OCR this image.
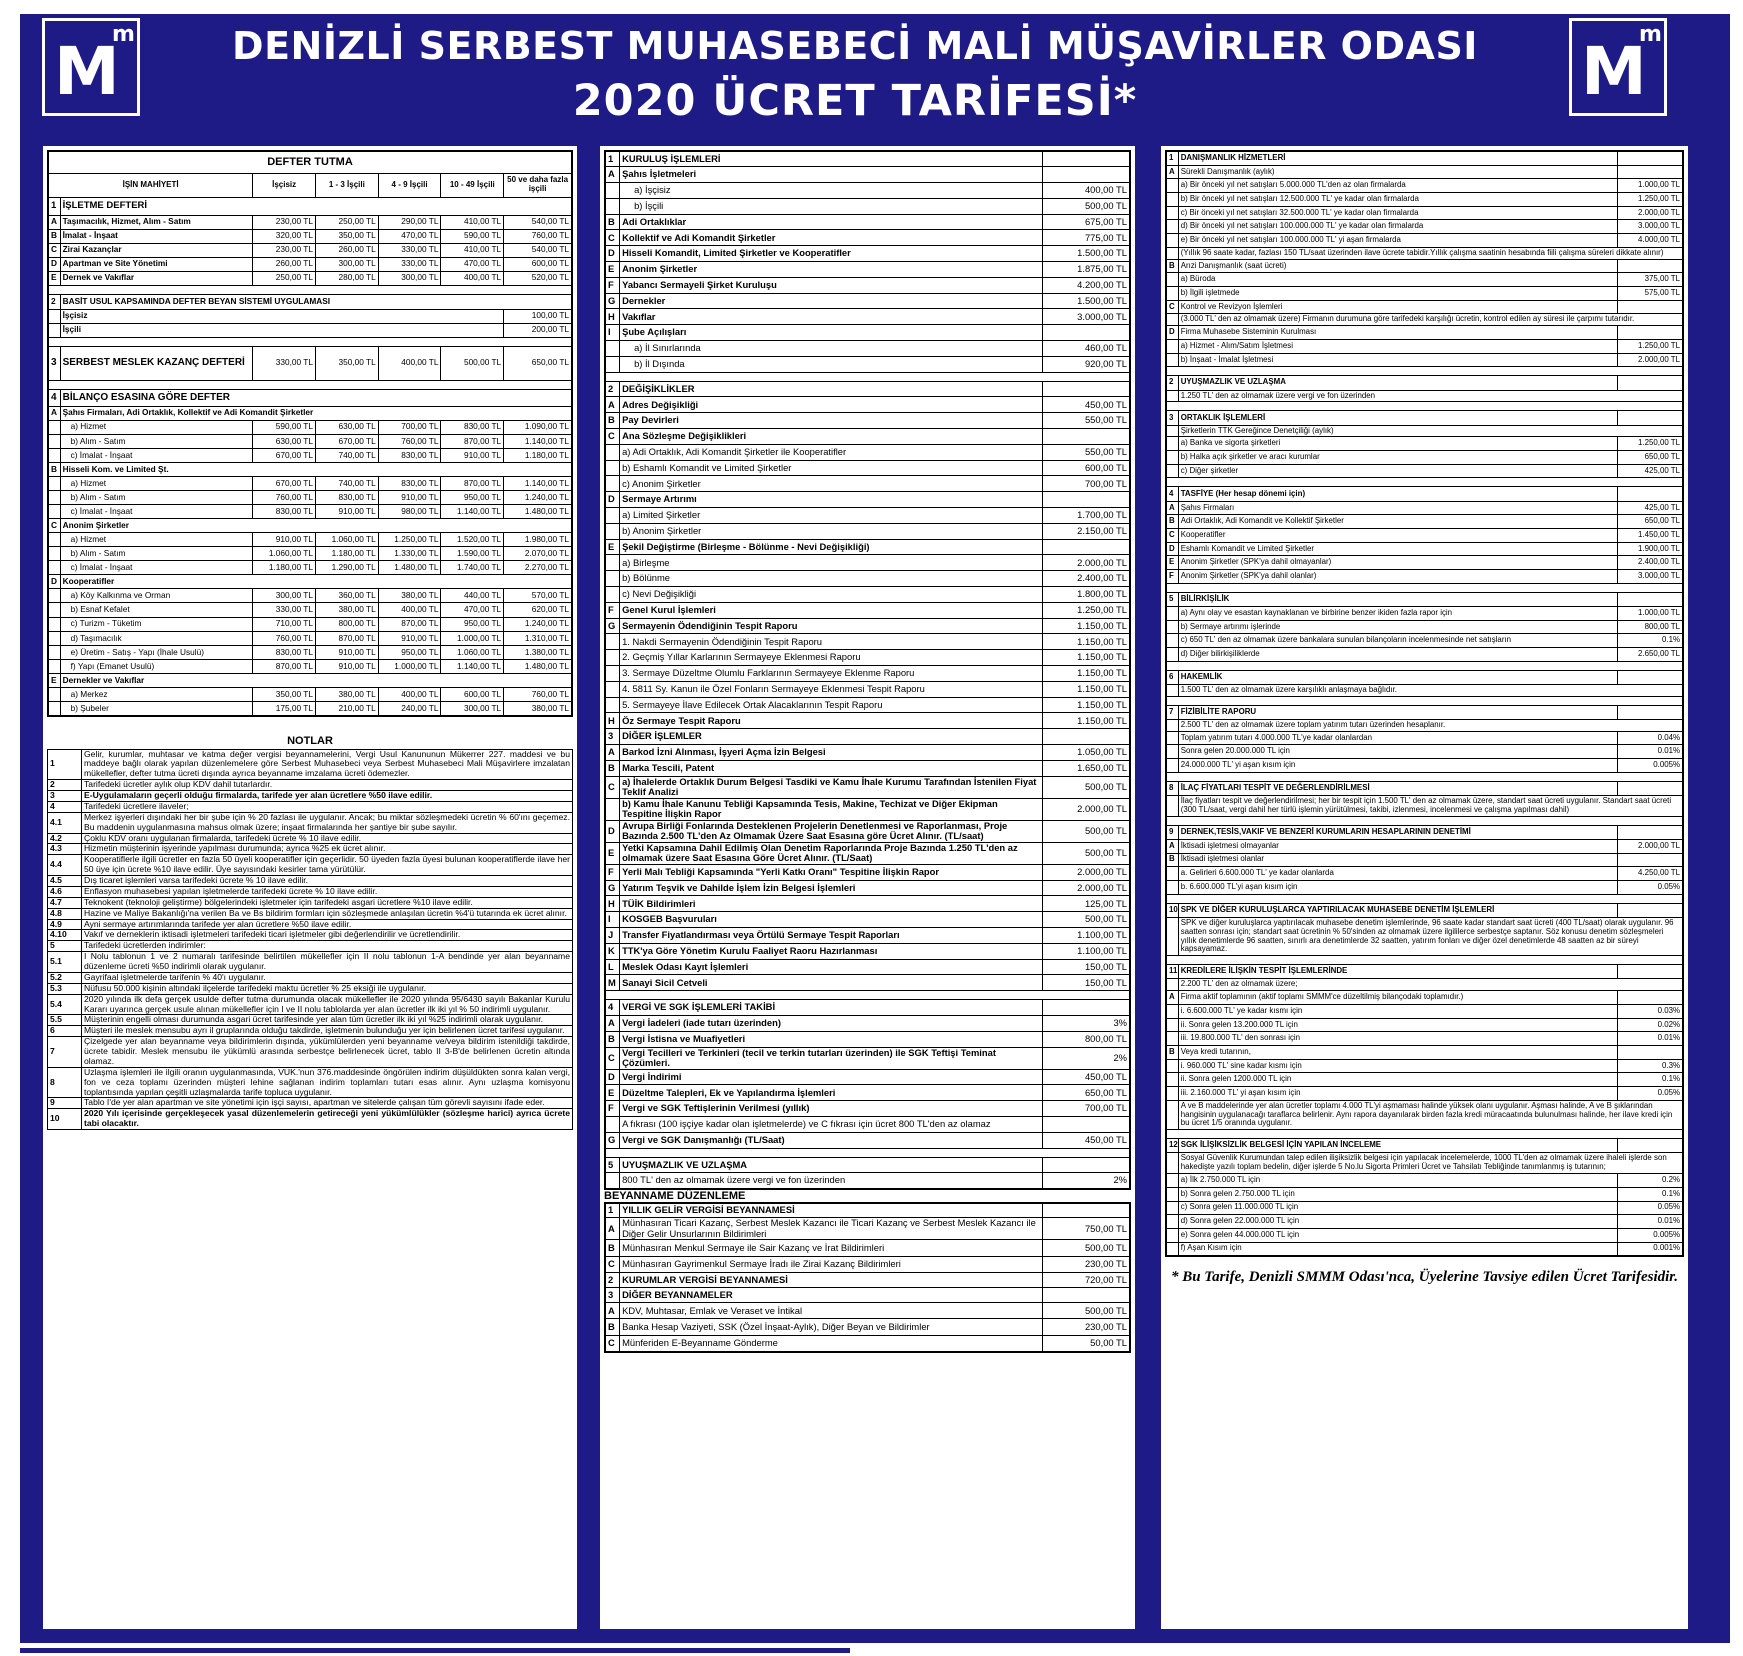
M
m	M
m
DENİZLİ SERBEST MUHASEBECİ MALİ MÜŞAVİRLER ODASI
2020 ÜCRET TARİFESİ*
DEFTER TUTMA						
İŞİN MAHİYETİ		İşçisiz	1 - 3 İşçili	4 - 9 İşçili	10 - 49 İşçili	50 ve daha fazla işçili
1	İŞLETME DEFTERİ					
A	Taşımacılık, Hizmet, Alım - Satım	230,00 TL	250,00 TL	290,00 TL	410,00 TL	540,00 TL
B	İmalat - İnşaat	320,00 TL	350,00 TL	470,00 TL	590,00 TL	760,00 TL
C	Zirai Kazançlar	230,00 TL	260,00 TL	330,00 TL	410,00 TL	540,00 TL
D	Apartman ve Site Yönetimi	260,00 TL	300,00 TL	330,00 TL	470,00 TL	600,00 TL
E	Dernek ve Vakıflar	250,00 TL	280,00 TL	300,00 TL	400,00 TL	520,00 TL

2	BASİT USUL KAPSAMINDA DEFTER BEYAN SİSTEMİ UYGULAMASI					
	İşçisiz					100,00 TL
	İşçili					200,00 TL

3	SERBEST MESLEK KAZANÇ DEFTERİ	330,00 TL	350,00 TL	400,00 TL	500,00 TL	650,00 TL

4	BİLANÇO ESASINA GÖRE DEFTER					
A	Şahıs Firmaları, Adi Ortaklık, Kollektif ve Adi Komandit Şirketler					
	a) Hizmet	590,00 TL	630,00 TL	700,00 TL	830,00 TL	1.090,00 TL
	b) Alım - Satım	630,00 TL	670,00 TL	760,00 TL	870,00 TL	1.140,00 TL
	c) İmalat - İnşaat	670,00 TL	740,00 TL	830,00 TL	910,00 TL	1.180,00 TL
B	Hisseli Kom. ve Limited Şt.					
	a) Hizmet	670,00 TL	740,00 TL	830,00 TL	870,00 TL	1.140,00 TL
	b) Alım - Satım	760,00 TL	830,00 TL	910,00 TL	950,00 TL	1.240,00 TL
	c) İmalat - İnşaat	830,00 TL	910,00 TL	980,00 TL	1.140,00 TL	1.480,00 TL
C	Anonim Şirketler					
	a) Hizmet	910,00 TL	1.060,00 TL	1.250,00 TL	1.520,00 TL	1.980,00 TL
	b) Alım - Satım	1.060,00 TL	1.180,00 TL	1.330,00 TL	1.590,00 TL	2.070,00 TL
	c) İmalat - İnşaat	1.180,00 TL	1.290,00 TL	1.480,00 TL	1.740,00 TL	2.270,00 TL
D	Kooperatifler					
	a) Köy Kalkınma ve Orman	300,00 TL	360,00 TL	380,00 TL	440,00 TL	570,00 TL
	b) Esnaf Kefalet	330,00 TL	380,00 TL	400,00 TL	470,00 TL	620,00 TL
	c) Turizm - Tüketim	710,00 TL	800,00 TL	870,00 TL	950,00 TL	1.240,00 TL
	d) Taşımacılık	760,00 TL	870,00 TL	910,00 TL	1.000,00 TL	1.310,00 TL
	e) Üretim - Satış - Yapı (İhale Usulü)	830,00 TL	910,00 TL	950,00 TL	1.060,00 TL	1.380,00 TL
	f) Yapı (Emanet Usulü)	870,00 TL	910,00 TL	1.000,00 TL	1.140,00 TL	1.480,00 TL
E	Dernekler ve Vakıflar					
	a) Merkez	350,00 TL	380,00 TL	400,00 TL	600,00 TL	760,00 TL
	b) Şubeler	175,00 TL	210,00 TL	240,00 TL	300,00 TL	380,00 TL
NOTLAR
1	Gelir, kurumlar, muhtasar ve katma değer vergisi beyannamelerini, Vergi Usul Kanununun Mükerrer 227. maddesi ve bu maddeye bağlı olarak yapılan düzenlemelere göre Serbest Muhasebeci veya Serbest Muhasebeci Mali Müşavirlere imzalatan mükellefler, defter tutma ücreti dışında ayrıca beyanname imzalama ücreti ödemezler.
2	Tarifedeki ücretler aylık olup KDV dahil tutarlardır.
3	E-Uygulamaların geçerli olduğu firmalarda, tarifede yer alan ücretlere %50 ilave edilir.
4	Tarifedeki ücretlere ilaveler;
4.1	Merkez işyerleri dışındaki her bir şube için % 20 fazlası ile uygulanır. Ancak; bu miktar sözleşmedeki ücretin % 60'ını geçemez. Bu maddenin uygulanmasına mahsus olmak üzere; inşaat firmalarında her şantiye bir şube sayılır.
4.2	Çoklu KDV oranı uygulanan firmalarda, tarifedeki ücrete % 10 ilave edilir.
4.3	Hizmetin müşterinin işyerinde yapılması durumunda; ayrıca %25 ek ücret alınır.
4.4	Kooperatiflerle ilgili ücretler en fazla 50 üyeli kooperatifler için geçerlidir. 50 üyeden fazla üyesi bulunan kooperatiflerde ilave her 50 üye için ücrete %10 ilave edilir. Üye sayısındaki kesirler tama yürütülür.
4.5	Dış ticaret işlemleri varsa tarifedeki ücrete % 10 ilave edilir.
4.6	Enflasyon muhasebesi yapılan işletmelerde tarifedeki ücrete % 10 ilave edilir.
4.7	Teknokent (teknoloji geliştirme) bölgelerindeki işletmeler için tarifedeki asgari ücretlere %10 ilave edilir.
4.8	Hazine ve Maliye Bakanlığı'na verilen Ba ve Bs bildirim formları için sözleşmede anlaşılan ücretin %4'ü tutarında ek ücret alınır.
4.9	Ayni sermaye artırımlarında tarifede yer alan ücretlere %50 ilave edilir.
4.10	Vakıf ve derneklerin iktisadi işletmeleri tarifedeki ticari işletmeler gibi değerlendirilir ve ücretlendirilir.
5	Tarifedeki ücretlerden indirimler:
5.1	I Nolu tablonun 1 ve 2 numaralı tarifesinde belirtilen mükellefler için II nolu tablonun 1-A bendinde yer alan beyanname düzenleme ücreti %50 indirimli olarak uygulanır.
5.2	Gayrifaal işletmelerde tarifenin % 40'ı uygulanır.
5.3	Nüfusu 50.000 kişinin altındaki ilçelerde tarifedeki maktu ücretler % 25 eksiği ile uygulanır.
5.4	2020 yılında ilk defa gerçek usulde defter tutma durumunda olacak mükellefler ile 2020 yılında 95/6430 sayılı Bakanlar Kurulu Kararı uyarınca gerçek usule alınan mükellefler için I ve II nolu tablolarda yer alan ücretler ilk iki yıl % 50 indirimli uygulanır.
5.5	Müşterinin engelli olması durumunda asgari ücret tarifesinde yer alan tüm ücretler ilk iki yıl %25 indirimli olarak uygulanır.
6	Müşteri ile meslek mensubu ayrı il gruplarında olduğu takdirde, işletmenin bulunduğu yer için belirlenen ücret tarifesi uygulanır.
7	Çizelgede yer alan beyanname veya bildirimlerin dışında, yükümlülerden yeni beyanname ve/veya bildirim istenildiği takdirde, ücrete tabidir. Meslek mensubu ile yükümlü arasında serbestçe belirlenecek ücret, tablo II 3-B'de belirlenen ücretin altında olamaz.
8	Uzlaşma işlemleri ile ilgili oranın uygulanmasında, VUK.'nun 376.maddesinde öngörülen indirim düşüldükten sonra kalan vergi, fon ve ceza toplamı üzerinden müşteri lehine sağlanan indirim toplamları tutarı esas alınır. Aynı uzlaşma komisyonu toplantısında yapılan çeşitli uzlaşmalarda tarife topluca uygulanır.
9	Tablo I'de yer alan apartman ve site yönetimi için işçi sayısı, apartman ve sitelerde çalışan tüm görevli sayısını ifade eder.
10	2020 Yılı içerisinde gerçekleşecek yasal düzenlemelerin getireceği yeni yükümlülükler (sözleşme harici) ayrıca ücrete tabi olacaktır.
1	KURULUŞ İŞLEMLERİ	
A	Şahıs İşletmeleri	
	a) İşçisiz	400,00 TL
	b) İşçili	500,00 TL
B	Adi Ortaklıklar	675,00 TL
C	Kollektif ve Adi Komandit Şirketler	775,00 TL
D	Hisseli Komandit, Limited Şirketler ve Kooperatifler	1.500,00 TL
E	Anonim Şirketler	1.875,00 TL
F	Yabancı Sermayeli Şirket Kuruluşu	4.200,00 TL
G	Dernekler	1.500,00 TL
H	Vakıflar	3.000,00 TL
I	Şube Açılışları	
	a) İl Sınırlarında	460,00 TL
	b) İl Dışında	920,00 TL

2	DEĞİŞİKLİKLER	
A	Adres Değişikliği	450,00 TL
B	Pay Devirleri	550,00 TL
C	Ana Sözleşme Değişiklikleri	
	a) Adi Ortaklık, Adi Komandit Şirketler ile Kooperatifler	550,00 TL
	b) Eshamlı Komandit ve Limited Şirketler	600,00 TL
	c) Anonim Şirketler	700,00 TL
D	Sermaye Artırımı	
	a) Limited Şirketler	1.700,00 TL
	b) Anonim Şirketler	2.150,00 TL
E	Şekil Değiştirme (Birleşme - Bölünme - Nevi Değişikliği)	
	a) Birleşme	2.000,00 TL
	b) Bölünme	2.400,00 TL
	c) Nevi Değişikliği	1.800,00 TL
F	Genel Kurul İşlemleri	1.250,00 TL
G	Sermayenin Ödendiğinin Tespit Raporu	1.150,00 TL
	1. Nakdi Sermayenin Ödendiğinin Tespit Raporu	1.150,00 TL
	2. Geçmiş Yıllar Karlarının Sermayeye Eklenmesi Raporu	1.150,00 TL
	3. Sermaye Düzeltme Olumlu Farklarının Sermayeye Eklenme Raporu	1.150,00 TL
	4. 5811 Sy. Kanun ile Özel Fonların Sermayeye Eklenmesi Tespit Raporu	1.150,00 TL
	5. Sermayeye İlave Edilecek Ortak Alacaklarının Tespit Raporu	1.150,00 TL
H	Öz Sermaye Tespit Raporu	1.150,00 TL
3	DİĞER İŞLEMLER	
A	Barkod İzni Alınması, İşyeri Açma İzin Belgesi	1.050,00 TL
B	Marka Tescili, Patent	1.650,00 TL
C	a) İhalelerde Ortaklık Durum Belgesi Tasdiki ve Kamu İhale Kurumu Tarafından İstenilen Fiyat Teklif Analizi	500,00 TL
	b) Kamu İhale Kanunu Tebliği Kapsamında Tesis, Makine, Techizat ve Diğer Ekipman Tespitine İlişkin Rapor	2.000,00 TL
D	Avrupa Birliği Fonlarında Desteklenen Projelerin Denetlenmesi ve Raporlanması, Proje Bazında 2.500 TL'den Az Olmamak Üzere Saat Esasına göre Ücret Alınır. (TL/saat)	500,00 TL
E	Yetki Kapsamına Dahil Edilmiş Olan Denetim Raporlarında Proje Bazında 1.250 TL'den az olmamak üzere Saat Esasına Göre Ücret Alınır. (TL/Saat)	500,00 TL
F	Yerli Malı Tebliği Kapsamında "Yerli Katkı Oranı" Tespitine İlişkin Rapor	2.000,00 TL
G	Yatırım Teşvik ve Dahilde İşlem İzin Belgesi İşlemleri	2.000,00 TL
H	TÜİK Bildirimleri	125,00 TL
I	KOSGEB Başvuruları	500,00 TL
J	Transfer Fiyatlandırması veya Örtülü Sermaye Tespit Raporları	1.100,00 TL
K	TTK'ya Göre Yönetim Kurulu Faaliyet Raoru Hazırlanması	1.100,00 TL
L	Meslek Odası Kayıt İşlemleri	150,00 TL
M	Sanayi Sicil Cetveli	150,00 TL

4	VERGİ VE SGK İŞLEMLERİ TAKİBİ	
A	Vergi İadeleri (iade tutarı üzerinden)	3%
B	Vergi İstisna ve Muafiyetleri	800,00 TL
C	Vergi Tecilleri ve Terkinleri (tecil ve terkin tutarları üzerinden) ile SGK Teftişi Teminat Çözümleri.	2%
D	Vergi İndirimi	450,00 TL
E	Düzeltme Talepleri, Ek ve Yapılandırma İşlemleri	650,00 TL
F	Vergi ve SGK Teftişlerinin Verilmesi (yıllık)	700,00 TL
	A fıkrası (100 işçiye kadar olan işletmelerde) ve C fıkrası için ücret 800 TL'den az olamaz	
G	Vergi ve SGK Danışmanlığı (TL/Saat)	450,00 TL

5	UYUŞMAZLIK VE UZLAŞMA	
	800 TL' den az olmamak üzere vergi ve fon üzerinden	2%
BEYANNAME DÜZENLEME
1	YILLIK GELİR VERGİSİ BEYANNAMESİ	
A	Münhasıran Ticari Kazanç, Serbest Meslek Kazancı ile Ticari Kazanç ve Serbest Meslek Kazancı ile Diğer Gelir Unsurlarının Bildirimleri	750,00 TL
B	Münhasıran Menkul Sermaye ile Sair Kazanç ve İrat Bildirimleri	500,00 TL
C	Münhasıran Gayrimenkul Sermaye İradı ile Zirai Kazanç Bildirimleri	230,00 TL
2	KURUMLAR VERGİSİ BEYANNAMESİ	720,00 TL
3	DİĞER BEYANNAMELER	
A	KDV, Muhtasar, Emlak ve Veraset ve İntikal	500,00 TL
B	Banka Hesap Vaziyeti, SSK (Özel İnşaat-Aylık), Diğer Beyan ve Bildirimler	230,00 TL
C	Münferiden E-Beyanname Gönderme	50,00 TL
1	DANIŞMANLIK HİZMETLERİ	
A	Sürekli Danışmanlık (aylık)	
	a) Bir önceki yıl net satışları 5.000.000 TL'den az olan firmalarda	1.000,00 TL
	b) Bir önceki yıl net satışları 12.500.000 TL' ye kadar olan firmalarda	1.250,00 TL
	c) Bir önceki yıl net satışları 32.500.000 TL' ye kadar olan firmalarda	2.000,00 TL
	d) Bir önceki yıl net satışları 100.000.000 TL' ye kadar olan firmalarda	3.000,00 TL
	e) Bir önceki yıl net satışları 100.000.000 TL' yi aşan firmalarda	4.000,00 TL
	(Yıllık 96 saate kadar, fazlası 150 TL/saat üzerinden ilave ücrete tabidir.Yıllık çalışma saatinin hesabında fiili çalışma süreleri dikkate alınır)	
B	Arızi Danışmanlık (saat ücreti)	
	a) Büroda	375,00 TL
	b) İlgili işletmede	575,00 TL
C	Kontrol ve Revizyon İşlemleri	
	(3.000 TL' den az olmamak üzere) Firmanın durumuna göre tarifedeki karşılığı ücretin, kontrol edilen ay süresi ile çarpımı tutarıdır.	
D	Firma Muhasebe Sisteminin Kurulması	
	a) Hizmet - Alım/Satım İşletmesi	1.250,00 TL
	b) İnşaat - İmalat İşletmesi	2.000,00 TL

2	UYUŞMAZLIK VE UZLAŞMA	
	1.250 TL' den az olmamak üzere vergi ve fon üzerinden	

3	ORTAKLIK İŞLEMLERİ	
	Şirketlerin TTK Gereğince Denetçiliği (aylık)	
	a) Banka ve sigorta şirketleri	1.250,00 TL
	b) Halka açık şirketler ve aracı kurumlar	650,00 TL
	c) Diğer şirketler	425,00 TL

4	TASFİYE (Her hesap dönemi için)	
A	Şahıs Firmaları	425,00 TL
B	Adi Ortaklık, Adi Komandit ve Kollektif Şirketler	650,00 TL
C	Kooperatifler	1.450,00 TL
D	Eshamlı Komandit ve Limited Şirketler	1.900,00 TL
E	Anonim Şirketler (SPK'ya dahil olmayanlar)	2.400,00 TL
F	Anonim Şirketler (SPK'ya dahil olanlar)	3.000,00 TL

5	BİLİRKİŞİLİK	
	a) Aynı olay ve esastan kaynaklanan ve birbirine benzer ikiden fazla rapor için	1.000,00 TL
	b) Sermaye artırımı işlerinde	800,00 TL
	c) 650 TL' den az olmamak üzere bankalara sunulan bilançoların incelenmesinde net satışların	0.1%
	d) Diğer bilirkişiliklerde	2.650,00 TL

6	HAKEMLİK	
	1.500 TL' den az olmamak üzere karşılıklı anlaşmaya bağlıdır.	

7	FİZİBİLİTE RAPORU	
	2.500 TL' den az olmamak üzere toplam yatırım tutarı üzerinden hesaplanır.	
	Toplam yatırım tutarı 4.000.000 TL'ye kadar olanlardan	0.04%
	Sonra gelen 20.000.000 TL için	0.01%
	24.000.000 TL' yi aşan kısım için	0.005%

8	İLAÇ FİYATLARI TESPİT VE DEĞERLENDİRİLMESİ	
	İlaç fiyatları tespit ve değerlendirilmesi; her bir tespit için 1.500 TL' den az olmamak üzere, standart saat ücreti uygulanır. Standart saat ücreti (300 TL/saat, vergi dahil her türlü işlemin yürütülmesi, takibi, izlenmesi, incelenmesi ve çalışma yapılması dahil)	

9	DERNEK,TESİS,VAKIF VE BENZERİ KURUMLARIN HESAPLARININ DENETİMİ	
A	İktisadi işletmesi olmayanlar	2.000,00 TL
B	İktisadi işletmesi olanlar	
	a. Gelirleri 6.600.000 TL' ye kadar olanlarda	4.250,00 TL
	b. 6.600.000 TL'yi aşan kısım için	0.05%

10	SPK VE DİĞER KURULUŞLARCA YAPTIRILACAK MUHASEBE DENETİM İŞLEMLERİ	
	SPK ve diğer kuruluşlarca yaptırılacak muhasebe denetim işlemlerinde, 96 saate kadar standart saat ücreti (400 TL/saat) olarak uygulanır. 96 saatten sonrası için; standart saat ücretinin % 50'sinden az olmamak üzere ilgililerce serbestçe saptanır. Söz konusu denetim sözleşmeleri yıllık denetimlerde 96 saatten, sınırlı ara denetimlerde 32 saatten, yatırım fonları ve diğer özel denetimlerde 48 saatten az bir süreyi kapsayamaz.	

11	KREDİLERE İLİŞKİN TESPİT İŞLEMLERİNDE	
	2.200 TL' den az olmamak üzere;	
A	Firma aktif toplamının (aktif toplamı SMMM'ce düzeltilmiş bilançodaki toplamıdır.)	
	i. 6.600.000 TL' ye kadar kısmı için	0.03%
	ii. Sonra gelen 13.200.000 TL için	0.02%
	iii. 19.800.000 TL' den sonrası için	0.01%
B	Veya kredi tutarının,	
	i. 960.000 TL' sine kadar kısmı için	0.3%
	ii. Sonra gelen 1200.000 TL için	0.1%
	iii. 2.160.000 TL' yi aşan kısım için	0.05%
	A ve B maddelerinde yer alan ücretler toplamı 4.000 TL'yi aşmaması halinde yüksek olanı uygulanır. Aşması halinde, A ve B şıklarından hangisinin uygulanacağı taraflarca belirlenir. Aynı rapora dayanılarak birden fazla kredi müracaatında bulunulması halinde, her ilave kredi için bu ücret 1/5 oranında uygulanır.	

12	SGK İLİŞİKSİZLİK BELGESİ İÇİN YAPILAN İNCELEME	
	Sosyal Güvenlik Kurumundan talep edilen ilişiksizlik belgesi için yapılacak incelemelerde, 1000 TL'den az olmamak üzere ihaleli işlerde son hakedişte yazılı toplam bedelin, diğer işlerde 5 No.lu Sigorta Primleri Ücret ve Tahsilatı Tebliğinde tanımlanmış iş tutarının;	
	a) İlk 2.750.000 TL için	0.2%
	b) Sonra gelen 2.750.000 TL için	0.1%
	c) Sonra gelen 11.000.000 TL için	0.05%
	d) Sonra gelen 22.000.000 TL için	0.01%
	e) Sonra gelen 44.000.000 TL için	0.005%
	f) Aşan Kısım için	0.001%
* Bu Tarife, Denizli SMMM Odası'nca, Üyelerine Tavsiye edilen Ücret Tarifesidir.
